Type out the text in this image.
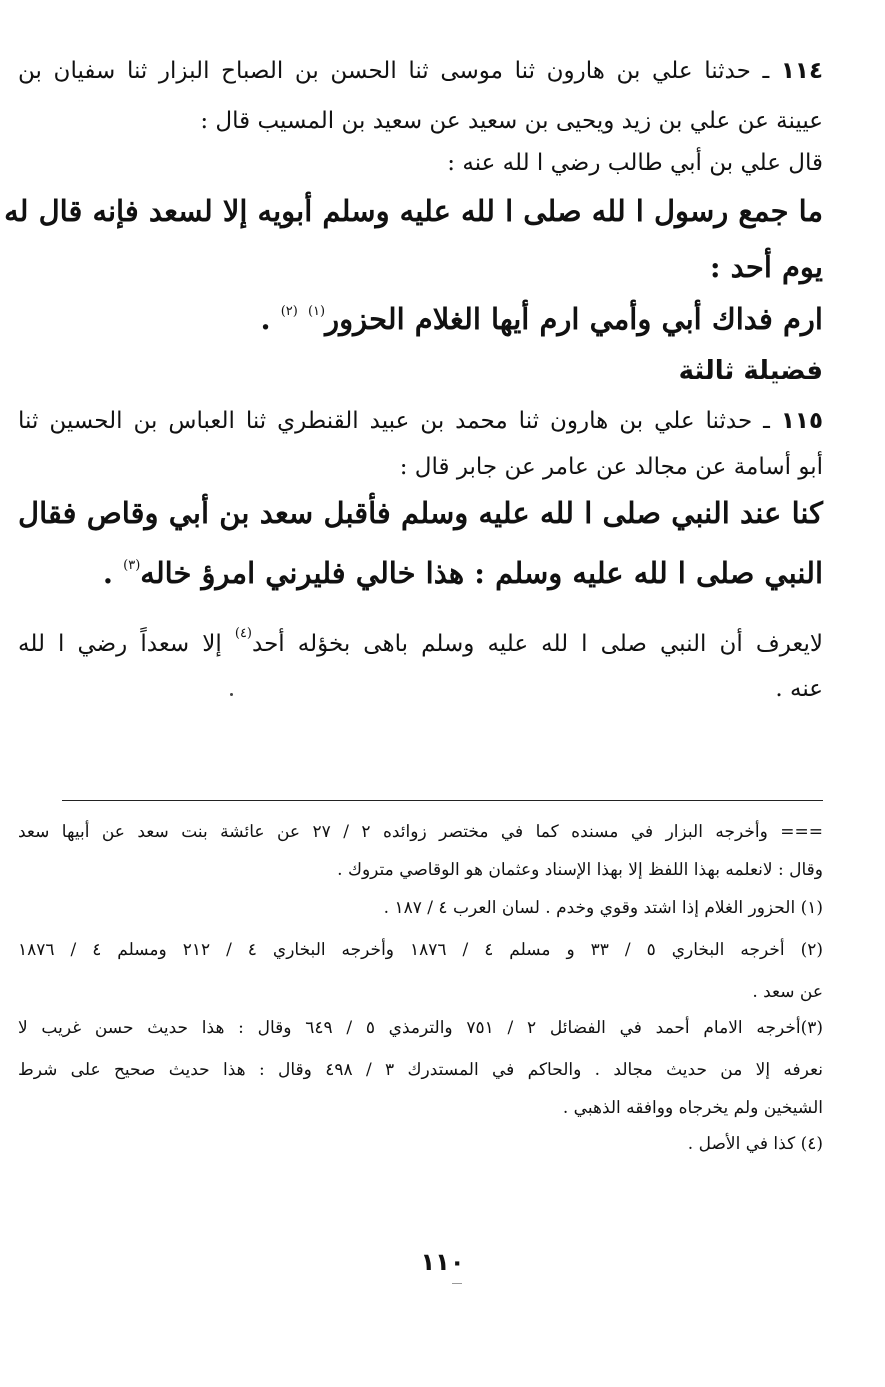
١١٤ ـ حدثنا علي بن هارون ثنا موسى ثنا الحسن بن الصباح البزار ثنا سفيان بن
عيينة عن علي بن زيد ويحيى بن سعيد عن سعيد بن المسيب قال :
قال علي بن أبي طالب رضي ا لله عنه :
ما جمع رسول ا لله صلى ا لله عليه وسلم أبويه إلا لسعد فإنه قال له
يوم أحد :
ارم فداك أبي وأمي ارم أيها الغلام الحزور$^{(١)}$ $^{(٢)}$ .
فضيلة ثالثة
١١٥ ـ حدثنا علي بن هارون ثنا محمد بن عبيد القنطري ثنا العباس بن الحسين ثنا
أبو أسامة عن مجالد عن عامر عن جابر قال :
كنا عند النبي صلى ا لله عليه وسلم فأقبل سعد بن أبي وقاص فقال
النبي صلى ا لله عليه وسلم : هذا خالي فليرني امرؤ خاله$^{(٣)}$ .
لايعرف أن النبي صلى ا لله عليه وسلم باهى بخؤله أحد$^{(٤)}$ إلا سعداً رضي ا لله
عنه .
=== وأخرجه البزار في مسنده كما في مختصر زوائده ٢ / ٢٧ عن عائشة بنت سعد عن أبيها سعد
وقال : لانعلمه بهذا اللفظ إلا بهذا الإسناد وعثمان هو الوقاصي متروك .
(١) الحزور الغلام إذا اشتد وقوي وخدم . لسان العرب ٤ / ١٨٧ .
(٢) أخرجه البخاري ٥ / ٣٣ و مسلم ٤ / ١٨٧٦ وأخرجه البخاري ٤ / ٢١٢ ومسلم ٤ / ١٨٧٦
عن سعد .
(٣)أخرجه الامام أحمد في الفضائل ٢ / ٧٥١ والترمذي ٥ / ٦٤٩ وقال : هذا حديث حسن غريب لا
نعرفه إلا من حديث مجالد . والحاكم في المستدرك ٣ / ٤٩٨ وقال : هذا حديث صحيح على شرط
الشيخين ولم يخرجاه ووافقه الذهبي .
(٤) كذا في الأصل .
١١٠
